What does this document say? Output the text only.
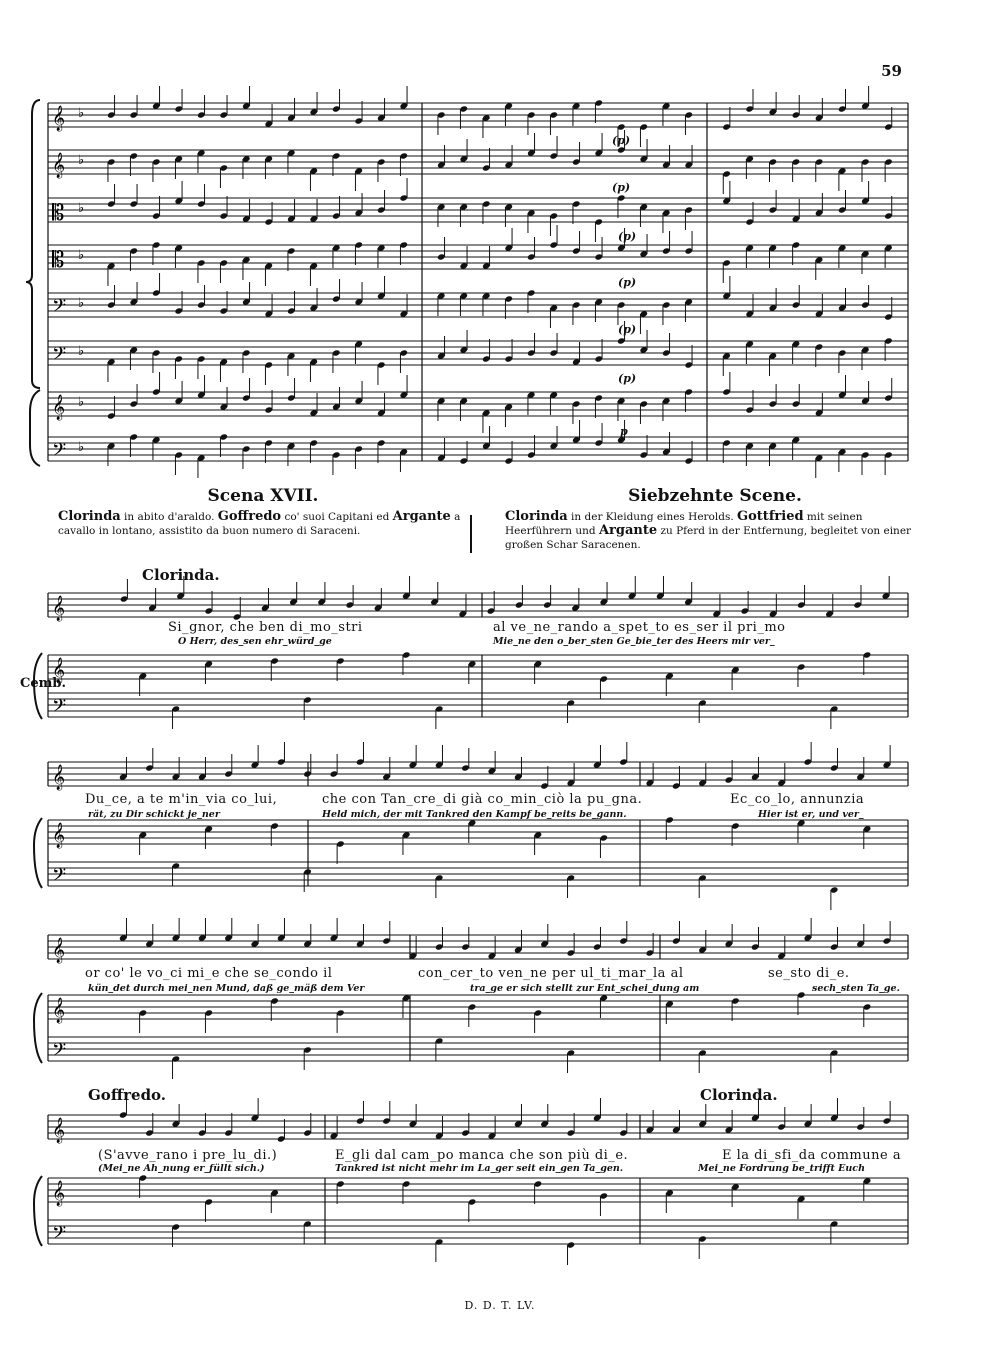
𝄞 ♭
𝄞 ♭
𝄡 ♭
𝄡 ♭
𝄢 ♭
𝄢 ♭
𝄞 ♭
𝄢 ♭
𝄞
𝄞
𝄢
𝄞
𝄞
𝄢
𝄞
𝄞
𝄢
𝄞
𝄞
𝄢
59
(p)
(p)
(p)
(p)
(p)
(p)
p
Scena XVII.
Clorinda in abito d'araldo. Goffredo co' suoi Capitani ed Argante a cavallo in lontano, assistito da buon numero di Saraceni.
Siebzehnte Scene.
Clorinda in der Kleidung eines Herolds. Gottfried mit seinen Heerführern und Argante zu Pferd in der Entfernung, begleitet von einer großen Schar Saracenen.
Clorinda.
Cemb.
Goffredo.	Clorinda.
Si_gnor, che ben di_mo_stri	al ve_ne_rando a_spet_to es_ser il pri_mo
O Herr, des_sen ehr_würd_ge	Mie_ne den o_ber_sten Ge_bie_ter des Heers mir ver_
Du_ce, a te m'in_via co_lui,	che con Tan_cre_di già co_min_ciò la pu_gna.	Ec_co_lo, annunzia
rät, zu Dir schickt je_ner	Held mich, der mit Tankred den Kampf be_reits be_gann.	Hier ist er, und ver_
or co' le vo_ci mi_e che se_condo il	con_cer_to ven_ne per ul_ti_mar_la al	se_sto di_e.
kün_det durch mei_nen Mund, daß ge_mäß dem Ver	tra_ge er sich stellt zur Ent_schei_dung am	sech_sten Ta_ge.
(S'avve_rano i pre_lu_di.)	E_gli dal cam_po manca che son più di_e.	E la di_sfi_da commune a
(Mei_ne Ah_nung er_füllt sich.)	Tankred ist nicht mehr im La_ger seit ein_gen Ta_gen.	Mei_ne Fordrung be_trifft Euch
D. D. T. LV.
